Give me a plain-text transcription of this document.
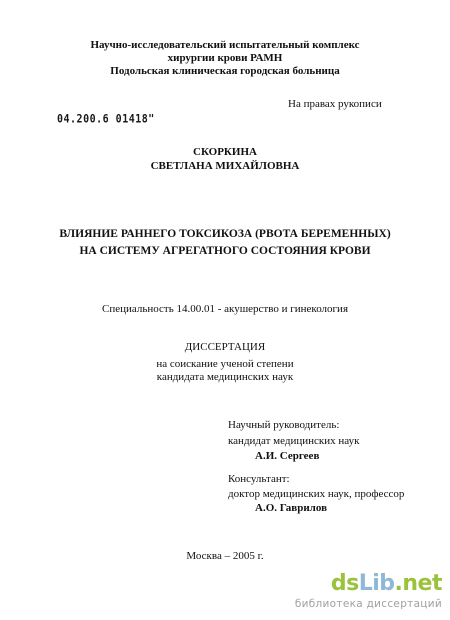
Научно-исследовательский испытательный комплекс
хирургии крови РАМН
Подольская клиническая городская больница
На правах рукописи
04.200.6 01418"
СКОРКИНА
СВЕТЛАНА МИХАЙЛОВНА
ВЛИЯНИЕ РАННЕГО ТОКСИКОЗА (РВОТА БЕРЕМЕННЫХ)
НА СИСТЕМУ АГРЕГАТНОГО СОСТОЯНИЯ КРОВИ
Специальность 14.00.01 - акушерство и гинекология
ДИССЕРТАЦИЯ
на соискание ученой степени
кандидата медицинских наук
Научный руководитель:
кандидат медицинских наук
А.И. Сергеев
Консультант:
доктор медицинских наук, профессор
А.О. Гаврилов
Москва – 2005 г.
dsLib.net
библиотека диссертаций
